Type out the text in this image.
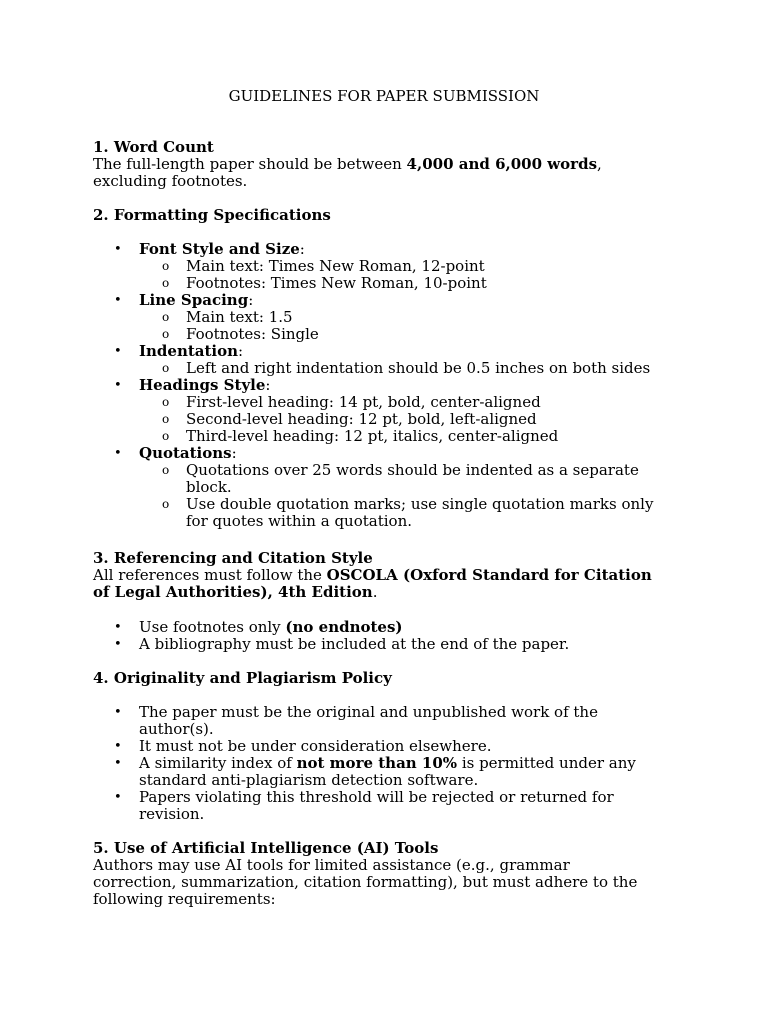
GUIDELINES FOR PAPER SUBMISSION
1. Word Count
The full-length paper should be between 4,000 and 6,000 words,
excluding footnotes.
2. Formatting Specifications
• Font Style and Size:
o Main text: Times New Roman, 12-point
o Footnotes: Times New Roman, 10-point
• Line Spacing:
o Main text: 1.5
o Footnotes: Single
• Indentation:
o Left and right indentation should be 0.5 inches on both sides
• Headings Style:
o First-level heading: 14 pt, bold, center-aligned
o Second-level heading: 12 pt, bold, left-aligned
o Third-level heading: 12 pt, italics, center-aligned
• Quotations:
o Quotations over 25 words should be indented as a separate
block.
o Use double quotation marks; use single quotation marks only
for quotes within a quotation.
3. Referencing and Citation Style
All references must follow the OSCOLA (Oxford Standard for Citation
of Legal Authorities), 4th Edition.
• Use footnotes only (no endnotes)
• A bibliography must be included at the end of the paper.
4. Originality and Plagiarism Policy
• The paper must be the original and unpublished work of the
author(s).
• It must not be under consideration elsewhere.
• A similarity index of not more than 10% is permitted under any
standard anti-plagiarism detection software.
• Papers violating this threshold will be rejected or returned for
revision.
5. Use of Artificial Intelligence (AI) Tools
Authors may use AI tools for limited assistance (e.g., grammar
correction, summarization, citation formatting), but must adhere to the
following requirements:
